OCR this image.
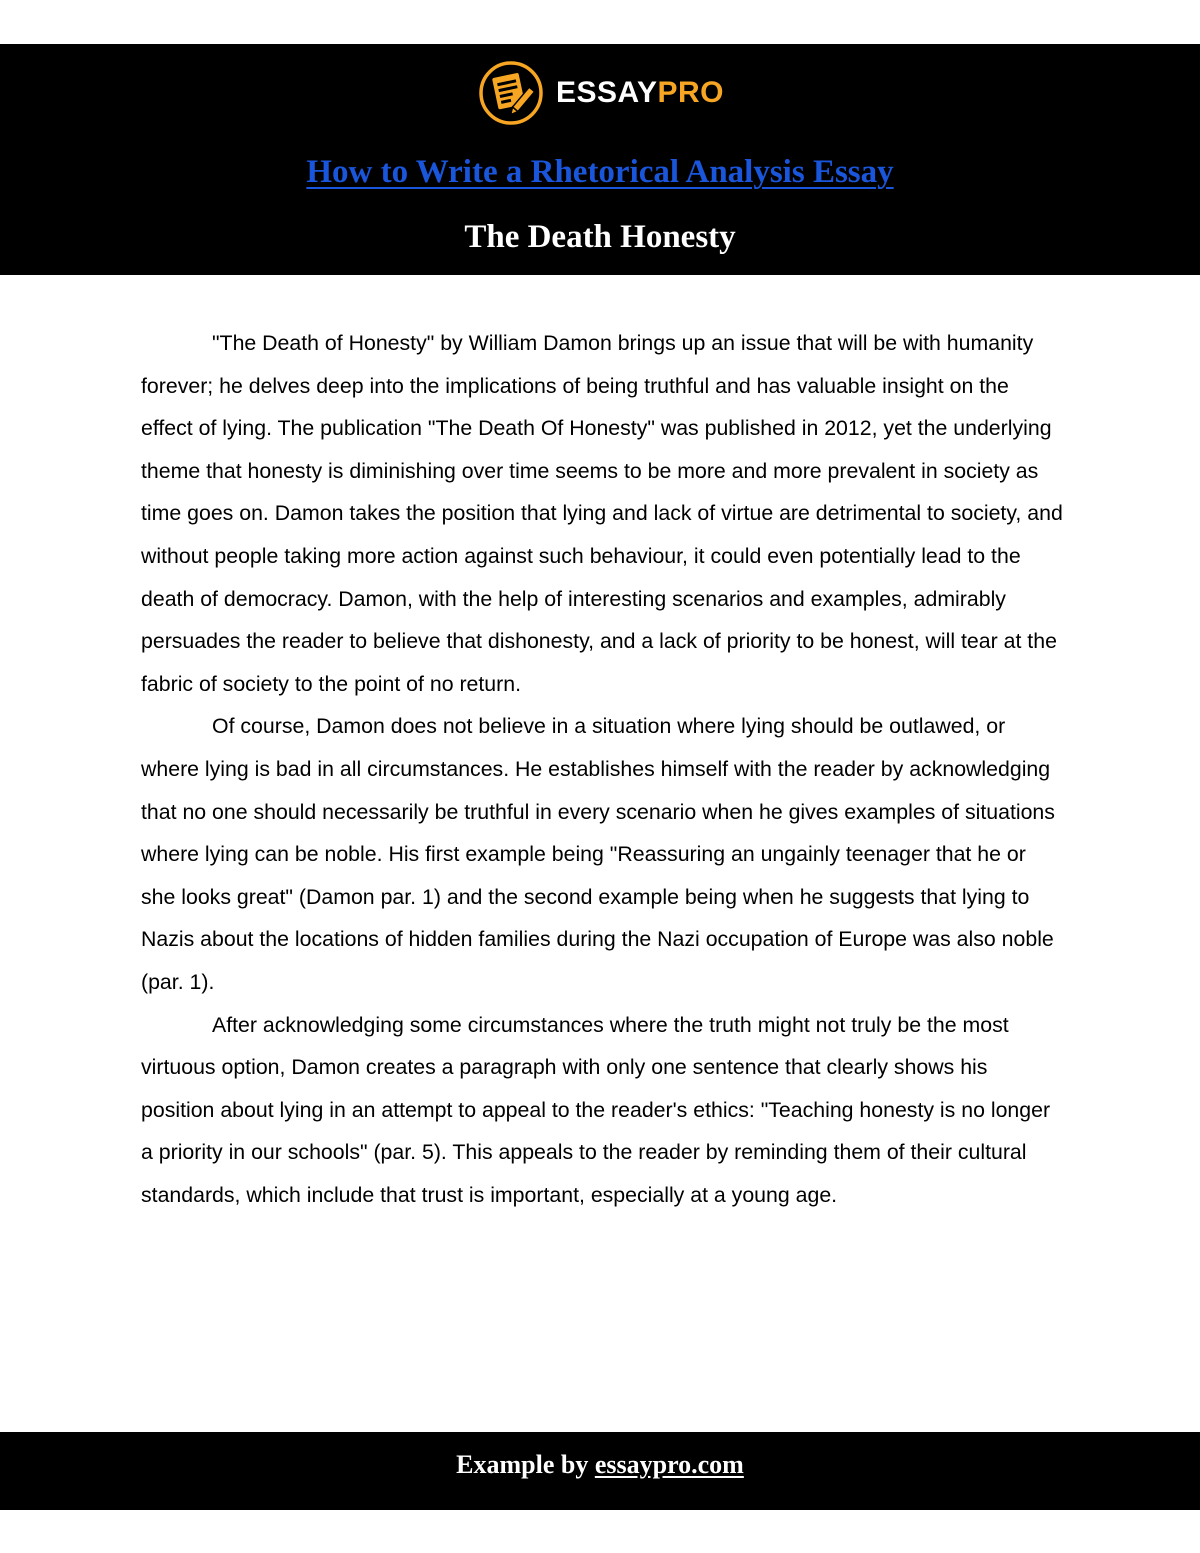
ESSAYPRO
How to Write a Rhetorical Analysis Essay
The Death Honesty

"The Death of Honesty" by William Damon brings up an issue that will be with humanity forever; he delves deep into the implications of being truthful and has valuable insight on the effect of lying. The publication "The Death Of Honesty" was published in 2012, yet the underlying theme that honesty is diminishing over time seems to be more and more prevalent in society as time goes on. Damon takes the position that lying and lack of virtue are detrimental to society, and without people taking more action against such behaviour, it could even potentially lead to the death of democracy. Damon, with the help of interesting scenarios and examples, admirably persuades the reader to believe that dishonesty, and a lack of priority to be honest, will tear at the fabric of society to the point of no return.

Of course, Damon does not believe in a situation where lying should be outlawed, or where lying is bad in all circumstances. He establishes himself with the reader by acknowledging that no one should necessarily be truthful in every scenario when he gives examples of situations where lying can be noble. His first example being "Reassuring an ungainly teenager that he or she looks great" (Damon par. 1) and the second example being when he suggests that lying to Nazis about the locations of hidden families during the Nazi occupation of Europe was also noble (par. 1).

After acknowledging some circumstances where the truth might not truly be the most virtuous option, Damon creates a paragraph with only one sentence that clearly shows his position about lying in an attempt to appeal to the reader's ethics: "Teaching honesty is no longer a priority in our schools" (par. 5). This appeals to the reader by reminding them of their cultural standards, which include that trust is important, especially at a young age.

Example by essaypro.com
